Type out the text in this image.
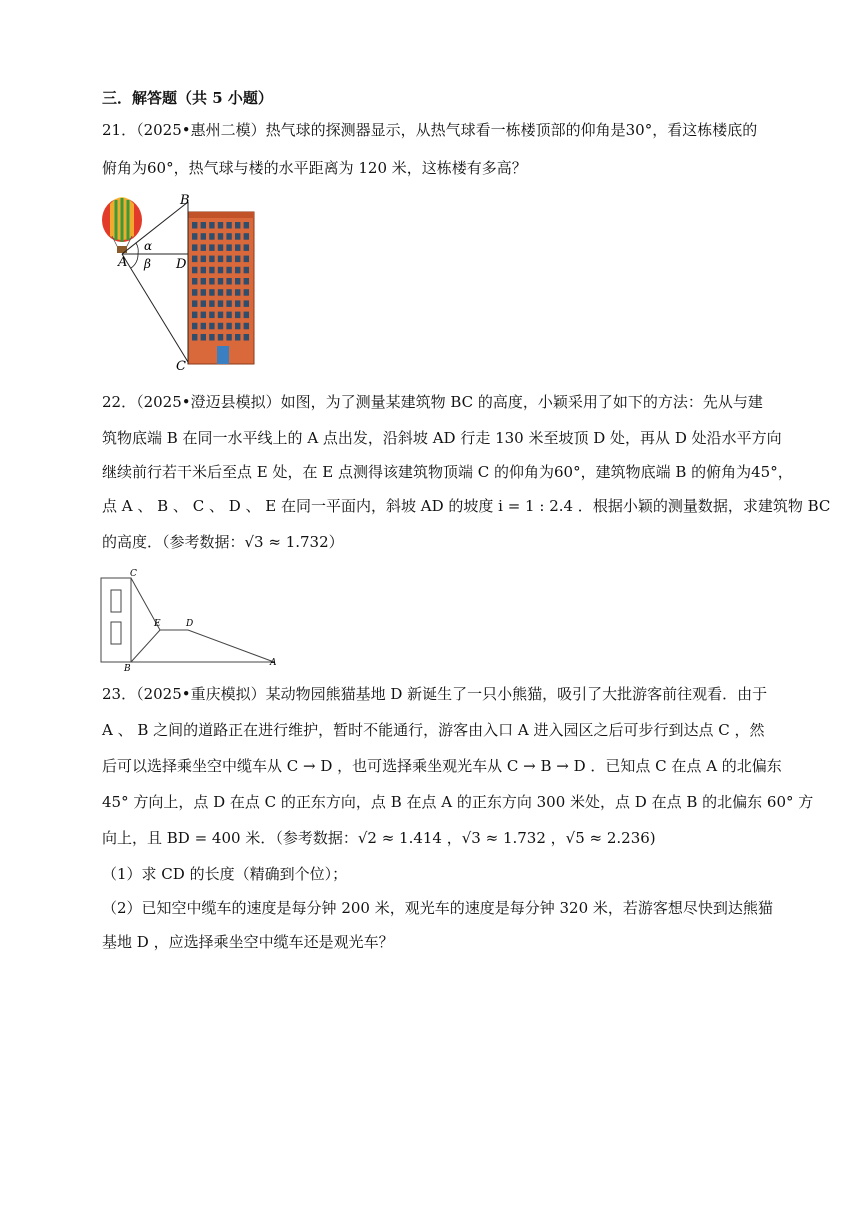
三．解答题（共 5 小题）
21．（2025•惠州二模）热气球的探测器显示，从热气球看一栋楼顶部的仰角是30°，看这栋楼底的
俯角为60°，热气球与楼的水平距离为 120 米，这栋楼有多高？
B
A	D
C
α
β
22．（2025•澄迈县模拟）如图，为了测量某建筑物 BC 的高度，小颖采用了如下的方法：先从与建
筑物底端 B 在同一水平线上的 A 点出发，沿斜坡 AD 行走 130 米至坡顶 D 处，再从 D 处沿水平方向
继续前行若干米后至点 E 处，在 E 点测得该建筑物顶端 C 的仰角为60°，建筑物底端 B 的俯角为45°，
点 A 、 B 、 C 、 D 、 E 在同一平面内，斜坡 AD 的坡度 i = 1 : 2.4 ．根据小颖的测量数据，求建筑物 BC
的高度．（参考数据：√3 ≈ 1.732）
C
E	D
B
A
23．（2025•重庆模拟）某动物园熊猫基地 D 新诞生了一只小熊猫，吸引了大批游客前往观看．由于
A 、 B 之间的道路正在进行维护，暂时不能通行，游客由入口 A 进入园区之后可步行到达点 C ，然
后可以选择乘坐空中缆车从 C → D ，也可选择乘坐观光车从 C → B → D ．已知点 C 在点 A 的北偏东
45° 方向上，点 D 在点 C 的正东方向，点 B 在点 A 的正东方向 300 米处，点 D 在点 B 的北偏东 60° 方
向上，且 BD = 400 米．（参考数据：√2 ≈ 1.414 ，√3 ≈ 1.732 ，√5 ≈ 2.236)
（1）求 CD 的长度（精确到个位）；
（2）已知空中缆车的速度是每分钟 200 米，观光车的速度是每分钟 320 米，若游客想尽快到达熊猫
基地 D ，应选择乘坐空中缆车还是观光车？
